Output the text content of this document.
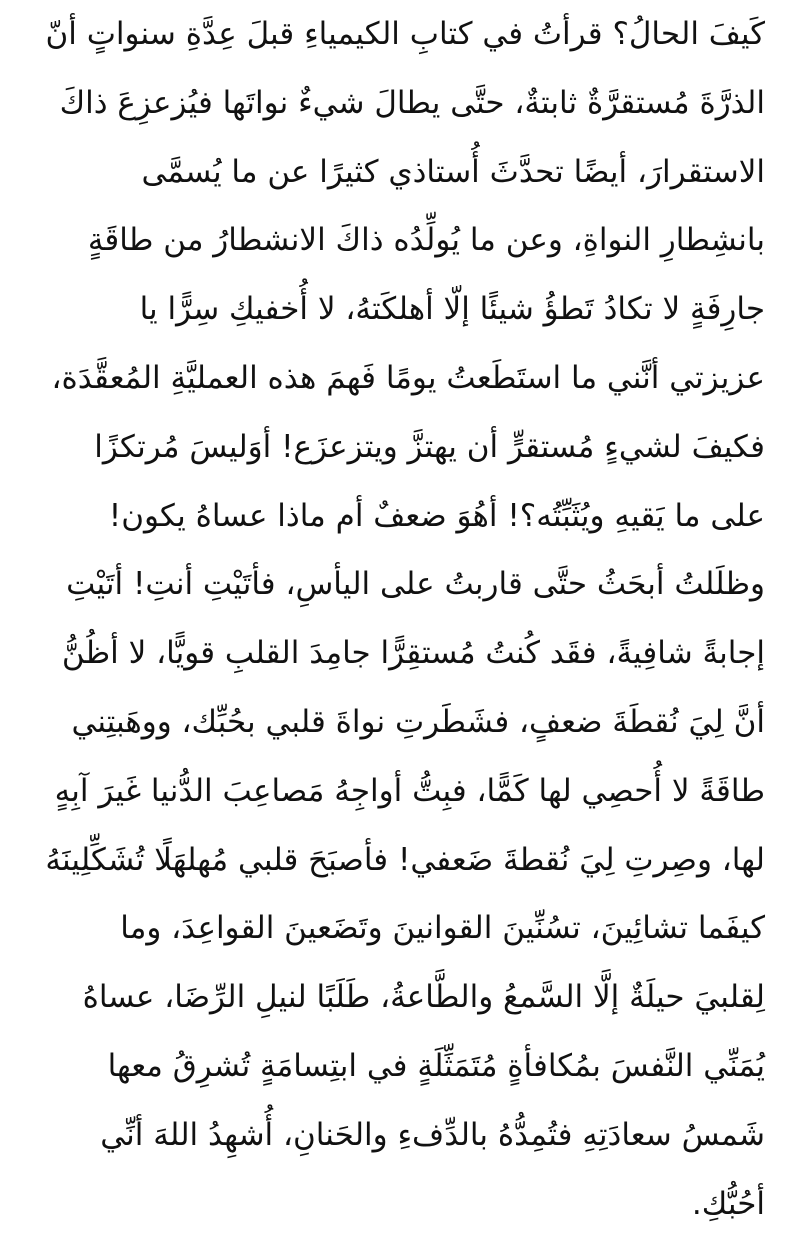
كَيفَ الحالُ؟ قرأتُ في كتابِ الكيمياءِ قبلَ عِدَّةِ سنواتٍ أنّ
الذرَّةَ مُستقرَّةٌ ثابتةٌ، حتَّى يطالَ شيءٌ نواتَها فيُزعزِعَ ذاكَ
الاستقرارَ، أيضًا تحدَّثَ أُستاذي كثيرًا عن ما يُسمَّى
بانشِطارِ النواةِ، وعن ما يُولِّدُه ذاكَ الانشطارُ من طاقَةٍ
جارِفَةٍ لا تكادُ تَطؤُ شيئًا إلّا أهلكَتهُ، لا أُخفيكِ سِرًّا يا
عزيزتي أنَّني ما استَطَعتُ يومًا فَهمَ هذه العمليَّةِ المُعقَّدَة،
فكيفَ لشيءٍ مُستقرٍّ أن يهتزَّ ويتزعزَع! أوَليسَ مُرتكزًا
على ما يَقيهِ ويُثَبِّتُه؟! أهُوَ ضعفٌ أم ماذا عساهُ يكون!
وظلَلتُ أبحَثُ حتَّى قاربتُ على اليأسِ، فأتَيْتِ أنتِ! أتَيْتِ
إجابةً شافِيةً، فقَد كُنتُ مُستقِرًّا جامِدَ القلبِ قويًّا، لا أظُنُّ
أنَّ لِيَ نُقطَةَ ضعفٍ، فشَطَرتِ نواةَ قلبي بحُبِّك، ووهَبتِني
طاقَةً لا أُحصِي لها كَمًّا، فبِتُّ أواجِهُ مَصاعِبَ الدُّنيا غَيرَ آبِهٍ
لها، وصِرتِ لِيَ نُقطةَ ضَعفي! فأصبَحَ قلبي مُهلهَلًا تُشَكِّلِينَهُ
كيفَما تشائِينَ، تسُنِّينَ القوانينَ وتَضَعينَ القواعِدَ، وما
لِقلبيَ حيلَةٌ إلَّا السَّمعُ والطَّاعةُ، طَلَبًا لنيلِ الرِّضَا، عساهُ
يُمَنِّي النَّفسَ بمُكافأةٍ مُتَمَثِّلَةٍ في ابتِسامَةٍ تُشرِقُ معها
شَمسُ سعادَتِهِ فتُمِدُّهُ بالدِّفءِ والحَنانِ، أُشهِدُ اللهَ أنِّي
أحُبُّكِ.
